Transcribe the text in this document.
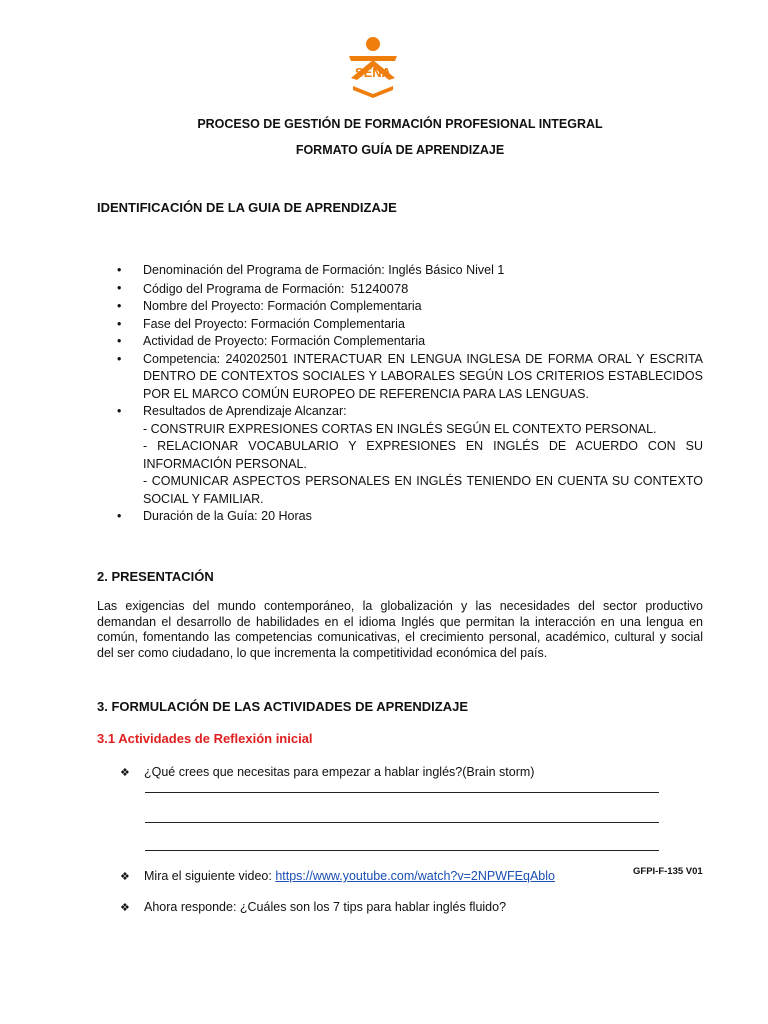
SENA
PROCESO DE GESTIÓN DE FORMACIÓN PROFESIONAL INTEGRAL
FORMATO GUÍA DE APRENDIZAJE
IDENTIFICACIÓN DE LA GUIA DE APRENDIZAJE
• Denominación del Programa de Formación: Inglés Básico Nivel 1
• Código del Programa de Formación: 51240078
• Nombre del Proyecto: Formación Complementaria
• Fase del Proyecto: Formación Complementaria
• Actividad de Proyecto: Formación Complementaria
• Competencia: 240202501 INTERACTUAR EN LENGUA INGLESA DE FORMA ORAL Y ESCRITA DENTRO DE CONTEXTOS SOCIALES Y LABORALES SEGÚN LOS CRITERIOS ESTABLECIDOS POR EL MARCO COMÚN EUROPEO DE REFERENCIA PARA LAS LENGUAS.
• Resultados de Aprendizaje Alcanzar:
- CONSTRUIR EXPRESIONES CORTAS EN INGLÉS SEGÚN EL CONTEXTO PERSONAL.
- RELACIONAR VOCABULARIO Y EXPRESIONES EN INGLÉS DE ACUERDO CON SU INFORMACIÓN PERSONAL.
- COMUNICAR ASPECTOS PERSONALES EN INGLÉS TENIENDO EN CUENTA SU CONTEXTO SOCIAL Y FAMILIAR.
• Duración de la Guía: 20 Horas
2. PRESENTACIÓN
Las exigencias del mundo contemporáneo, la globalización y las necesidades del sector productivo demandan el desarrollo de habilidades en el idioma Inglés que permitan la interacción en una lengua en común, fomentando las competencias comunicativas, el crecimiento personal, académico, cultural y social del ser como ciudadano, lo que incrementa la competitividad económica del país.
3. FORMULACIÓN DE LAS ACTIVIDADES DE APRENDIZAJE
3.1 Actividades de Reflexión inicial
❖ ¿Qué crees que necesitas para empezar a hablar inglés?(Brain storm)
❖ Mira el siguiente video: https://www.youtube.com/watch?v=2NPWFEqAblo	GFPI-F-135 V01
❖ Ahora responde: ¿Cuáles son los 7 tips para hablar inglés fluido?
